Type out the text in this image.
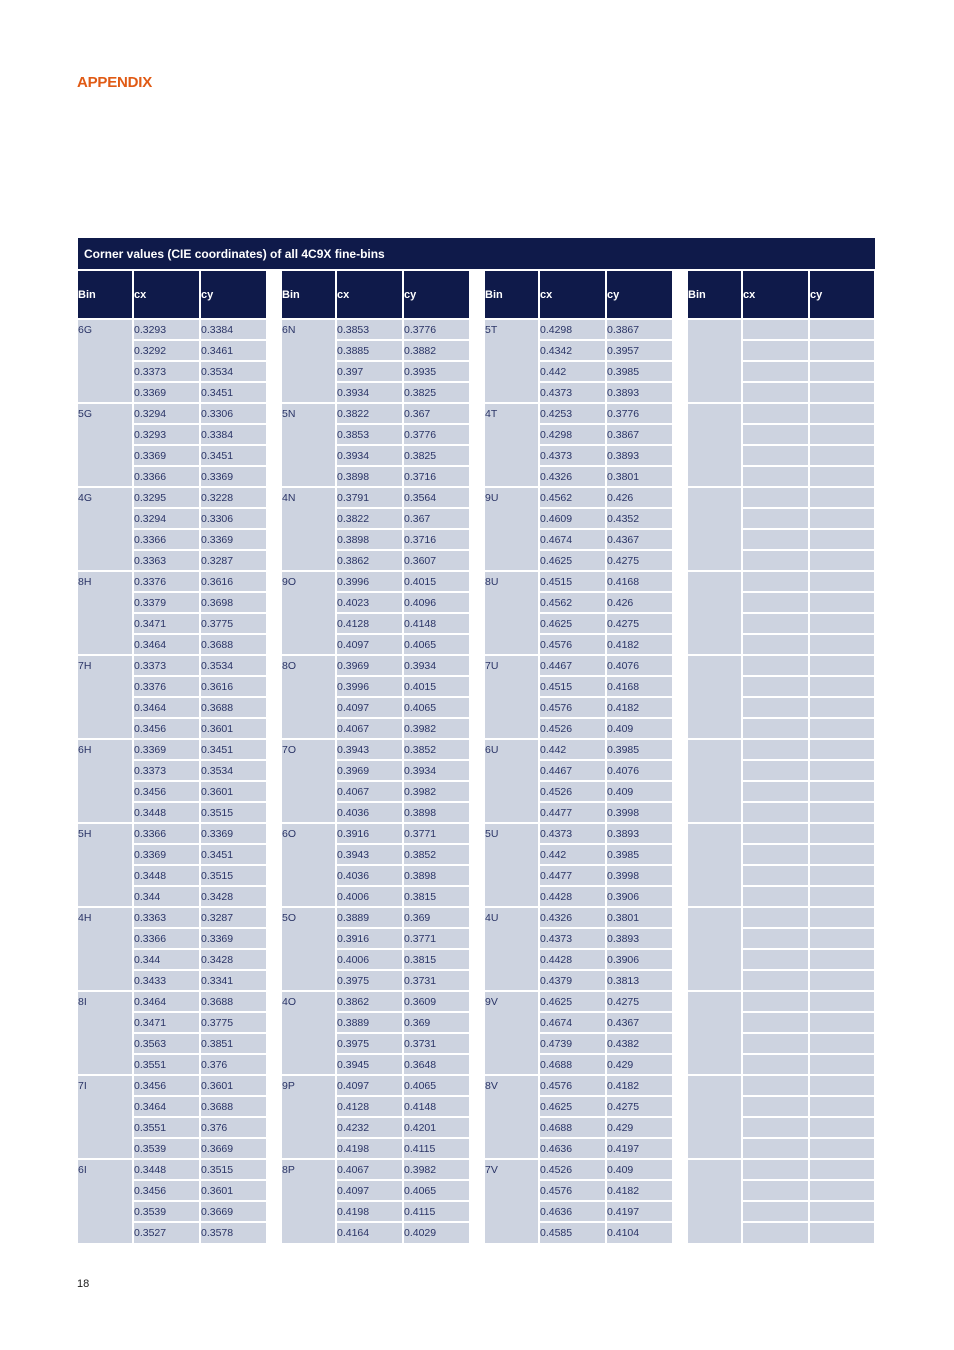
APPENDIX
Corner values (CIE coordinates) of all 4C9X fine-bins
Bin	cx	cy		Bin	cx	cy		Bin	cx	cy		Bin	cx	cy
6G	0.3293	0.3384		6N	0.3853	0.3776		5T	0.4298	0.3867				
	0.3292	0.3461			0.3885	0.3882			0.4342	0.3957				
	0.3373	0.3534			0.397	0.3935			0.442	0.3985				
	0.3369	0.3451			0.3934	0.3825			0.4373	0.3893				
5G	0.3294	0.3306		5N	0.3822	0.367		4T	0.4253	0.3776				
	0.3293	0.3384			0.3853	0.3776			0.4298	0.3867				
	0.3369	0.3451			0.3934	0.3825			0.4373	0.3893				
	0.3366	0.3369			0.3898	0.3716			0.4326	0.3801				
4G	0.3295	0.3228		4N	0.3791	0.3564		9U	0.4562	0.426				
	0.3294	0.3306			0.3822	0.367			0.4609	0.4352				
	0.3366	0.3369			0.3898	0.3716			0.4674	0.4367				
	0.3363	0.3287			0.3862	0.3607			0.4625	0.4275				
8H	0.3376	0.3616		9O	0.3996	0.4015		8U	0.4515	0.4168				
	0.3379	0.3698			0.4023	0.4096			0.4562	0.426				
	0.3471	0.3775			0.4128	0.4148			0.4625	0.4275				
	0.3464	0.3688			0.4097	0.4065			0.4576	0.4182				
7H	0.3373	0.3534		8O	0.3969	0.3934		7U	0.4467	0.4076				
	0.3376	0.3616			0.3996	0.4015			0.4515	0.4168				
	0.3464	0.3688			0.4097	0.4065			0.4576	0.4182				
	0.3456	0.3601			0.4067	0.3982			0.4526	0.409				
6H	0.3369	0.3451		7O	0.3943	0.3852		6U	0.442	0.3985				
	0.3373	0.3534			0.3969	0.3934			0.4467	0.4076				
	0.3456	0.3601			0.4067	0.3982			0.4526	0.409				
	0.3448	0.3515			0.4036	0.3898			0.4477	0.3998				
5H	0.3366	0.3369		6O	0.3916	0.3771		5U	0.4373	0.3893				
	0.3369	0.3451			0.3943	0.3852			0.442	0.3985				
	0.3448	0.3515			0.4036	0.3898			0.4477	0.3998				
	0.344	0.3428			0.4006	0.3815			0.4428	0.3906				
4H	0.3363	0.3287		5O	0.3889	0.369		4U	0.4326	0.3801				
	0.3366	0.3369			0.3916	0.3771			0.4373	0.3893				
	0.344	0.3428			0.4006	0.3815			0.4428	0.3906				
	0.3433	0.3341			0.3975	0.3731			0.4379	0.3813				
8I	0.3464	0.3688		4O	0.3862	0.3609		9V	0.4625	0.4275				
	0.3471	0.3775			0.3889	0.369			0.4674	0.4367				
	0.3563	0.3851			0.3975	0.3731			0.4739	0.4382				
	0.3551	0.376			0.3945	0.3648			0.4688	0.429				
7I	0.3456	0.3601		9P	0.4097	0.4065		8V	0.4576	0.4182				
	0.3464	0.3688			0.4128	0.4148			0.4625	0.4275				
	0.3551	0.376			0.4232	0.4201			0.4688	0.429				
	0.3539	0.3669			0.4198	0.4115			0.4636	0.4197				
6I	0.3448	0.3515		8P	0.4067	0.3982		7V	0.4526	0.409				
	0.3456	0.3601			0.4097	0.4065			0.4576	0.4182				
	0.3539	0.3669			0.4198	0.4115			0.4636	0.4197				
	0.3527	0.3578			0.4164	0.4029			0.4585	0.4104				
18
